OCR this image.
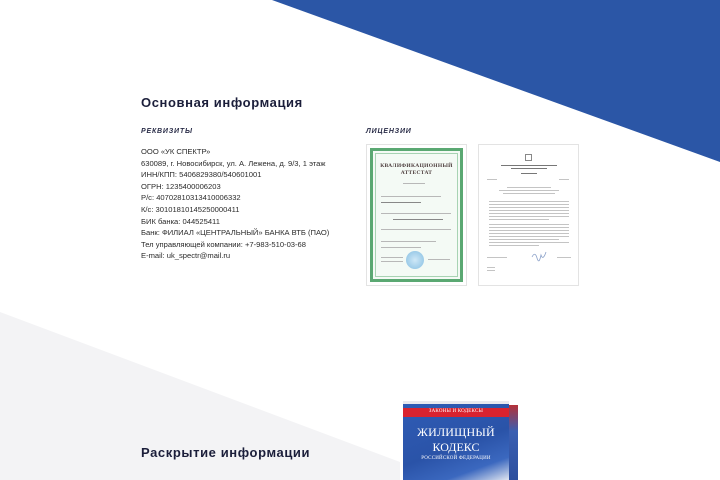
Основная информация
РЕКВИЗИТЫ
ООО «УК СПЕКТР»
630089, г. Новосибирск, ул. А. Лежена, д. 9/3, 1 этаж
ИНН/КПП: 5406829380/540601001
ОГРН: 1235400006203
Р/с: 40702810313410006332
К/с: 30101810145250000411
БИК банка: 044525411
Банк: ФИЛИАЛ «ЦЕНТРАЛЬНЫЙ» БАНКА ВТБ (ПАО)
Тел управляющей компании: +7-983-510-03-68
E-mail: uk_spectr@mail.ru
ЛИЦЕНЗИИ
КВАЛИФИКАЦИОННЫЙ
АТТЕСТАТ
Раскрытие информации
ЗАКОНЫ И КОДЕКСЫ
ЖИЛИЩНЫЙ
КОДЕКС
РОССИЙСКОЙ ФЕДЕРАЦИИ
